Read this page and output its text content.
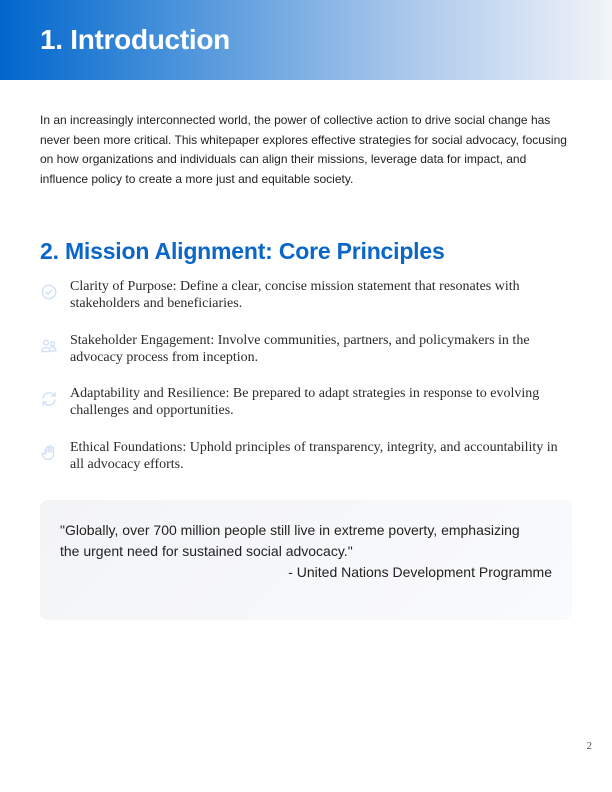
1. Introduction

In an increasingly interconnected world, the power of collective action to drive social change has never been more critical. This whitepaper explores effective strategies for social advocacy, focusing on how organizations and individuals can align their missions, leverage data for impact, and influence policy to create a more just and equitable society.

2. Mission Alignment: Core Principles
Clarity of Purpose: Define a clear, concise mission statement that resonates with stakeholders and beneficiaries.
Stakeholder Engagement: Involve communities, partners, and policymakers in the advocacy process from inception.
Adaptability and Resilience: Be prepared to adapt strategies in response to evolving challenges and opportunities.
Ethical Foundations: Uphold principles of transparency, integrity, and accountability in all advocacy efforts.

"Globally, over 700 million people still live in extreme poverty, emphasizing the urgent need for sustained social advocacy."

- United Nations Development Programme

2
